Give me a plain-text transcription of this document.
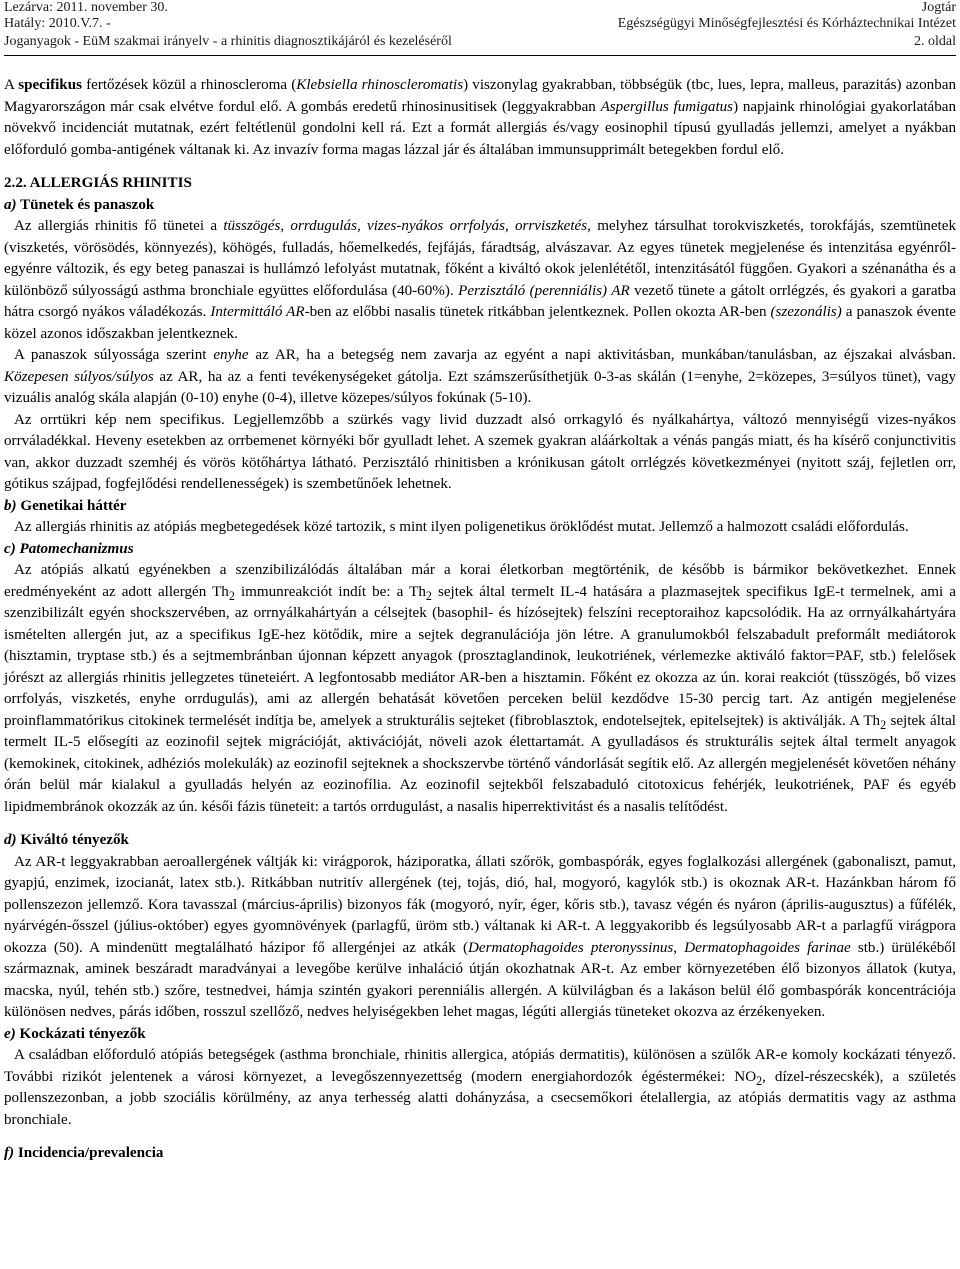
Lezárva: 2011. november 30.	Jogtár
Hatály: 2010.V.7. -	Egészségügyi Minőségfejlesztési és Kórháztechnikai Intézet
Joganyagok - EüM szakmai irányelv - a rhinitis diagnosztikájáról és kezeléséről	2. oldal

A specifikus fertőzések közül a rhinoscleroma (Klebsiella rhinoscleromatis) viszonylag gyakrabban, többségük (tbc, lues, lepra, malleus, parazitás) azonban Magyarországon már csak elvétve fordul elő. A gombás eredetű rhinosinusitisek (leggyakrabban Aspergillus fumigatus) napjaink rhinológiai gyakorlatában növekvő incidenciát mutatnak, ezért feltétlenül gondolni kell rá. Ezt a formát allergiás és/vagy eosinophil típusú gyulladás jellemzi, amelyet a nyákban előforduló gomba-antigének váltanak ki. Az invazív forma magas lázzal jár és általában immunsupprimált betegekben fordul elő.

2.2. ALLERGIÁS RHINITIS

a) Tünetek és panaszok

Az allergiás rhinitis fő tünetei a tüsszögés, orrdugulás, vizes-nyákos orrfolyás, orrviszketés, melyhez társulhat torokviszketés, torokfájás, szemtünetek (viszketés, vörösödés, könnyezés), köhögés, fulladás, hőemelkedés, fejfájás, fáradtság, alvászavar. Az egyes tünetek megjelenése és intenzitása egyénről-egyénre változik, és egy beteg panaszai is hullámzó lefolyást mutatnak, főként a kiváltó okok jelenlététől, intenzitásától függően. Gyakori a szénanátha és a különböző súlyosságú asthma bronchiale együttes előfordulása (40-60%). Perzisztáló (perenniális) AR vezető tünete a gátolt orrlégzés, és gyakori a garatba hátra csorgó nyákos váladékozás. Intermittáló AR-ben az előbbi nasalis tünetek ritkábban jelentkeznek. Pollen okozta AR-ben (szezonális) a panaszok évente közel azonos időszakban jelentkeznek.

A panaszok súlyossága szerint enyhe az AR, ha a betegség nem zavarja az egyént a napi aktivitásban, munkában/tanulásban, az éjszakai alvásban. Közepesen súlyos/súlyos az AR, ha az a fenti tevékenységeket gátolja. Ezt számszerűsíthetjük 0-3-as skálán (1=enyhe, 2=közepes, 3=súlyos tünet), vagy vizuális analóg skála alapján (0-10) enyhe (0-4), illetve közepes/súlyos fokúnak (5-10).

Az orrtükri kép nem specifikus. Legjellemzőbb a szürkés vagy livid duzzadt alsó orrkagyló és nyálkahártya, változó mennyiségű vizes-nyákos orrváladékkal. Heveny esetekben az orrbemenet környéki bőr gyulladt lehet. A szemek gyakran aláárkoltak a vénás pangás miatt, és ha kísérő conjunctivitis van, akkor duzzadt szemhéj és vörös kötőhártya látható. Perzisztáló rhinitisben a krónikusan gátolt orrlégzés következményei (nyitott száj, fejletlen orr, gótikus szájpad, fogfejlődési rendellenességek) is szembetűnőek lehetnek.

b) Genetikai háttér

Az allergiás rhinitis az atópiás megbetegedések közé tartozik, s mint ilyen poligenetikus öröklődést mutat. Jellemző a halmozott családi előfordulás.

c) Patomechanizmus

Az atópiás alkatú egyénekben a szenzibilizálódás általában már a korai életkorban megtörténik, de később is bármikor bekövetkezhet. Ennek eredményeként az adott allergén $Th_2$ immunreakciót indít be: a $Th_2$ sejtek által termelt IL-4 hatására a plazmasejtek specifikus IgE-t termelnek, ami a szenzibilizált egyén shockszervében, az orrnyálkahártyán a célsejtek (basophil- és hízósejtek) felszíni receptoraihoz kapcsolódik. Ha az orrnyálkahártyára ismételten allergén jut, az a specifikus IgE-hez kötődik, mire a sejtek degranulációja jön létre. A granulumokból felszabadult preformált mediátorok (hisztamin, tryptase stb.) és a sejtmembránban újonnan képzett anyagok (prosztaglandinok, leukotriének, vérlemezke aktiváló faktor=PAF, stb.) felelősek jórészt az allergiás rhinitis jellegzetes tüneteiért. A legfontosabb mediátor AR-ben a hisztamin. Főként ez okozza az ún. korai reakciót (tüsszögés, bő vizes orrfolyás, viszketés, enyhe orrdugulás), ami az allergén behatását követően perceken belül kezdődve 15-30 percig tart. Az antigén megjelenése proinflammatórikus citokinek termelését indítja be, amelyek a strukturális sejteket (fibroblasztok, endotelsejtek, epitelsejtek) is aktiválják. A $Th_2$ sejtek által termelt IL-5 elősegíti az eozinofil sejtek migrációját, aktivációját, növeli azok élettartamát. A gyulladásos és strukturális sejtek által termelt anyagok (kemokinek, citokinek, adhéziós molekulák) az eozinofil sejteknek a shockszervbe történő vándorlását segítik elő. Az allergén megjelenését követően néhány órán belül már kialakul a gyulladás helyén az eozinofília. Az eozinofil sejtekből felszabaduló citotoxicus fehérjék, leukotriének, PAF és egyéb lipidmembránok okozzák az ún. késői fázis tüneteit: a tartós orrdugulást, a nasalis hiperrektivitást és a nasalis telítődést.

d) Kiváltó tényezők

Az AR-t leggyakrabban aeroallergének váltják ki: virágporok, háziporatka, állati szőrök, gombaspórák, egyes foglalkozási allergének (gabonaliszt, pamut, gyapjú, enzimek, izocianát, latex stb.). Ritkábban nutritív allergének (tej, tojás, dió, hal, mogyoró, kagylók stb.) is okoznak AR-t. Hazánkban három fő pollenszezon jellemző. Kora tavasszal (március-április) bizonyos fák (mogyoró, nyír, éger, kőris stb.), tavasz végén és nyáron (április-augusztus) a fűfélék, nyárvégén-ősszel (július-október) egyes gyomnövények (parlagfű, üröm stb.) váltanak ki AR-t. A leggyakoribb és legsúlyosabb AR-t a parlagfű virágpora okozza (50). A mindenütt megtalálható házipor fő allergénjei az atkák (Dermatophagoides pteronyssinus, Dermatophagoides farinae stb.) ürülékéből származnak, aminek beszáradt maradványai a levegőbe kerülve inhaláció útján okozhatnak AR-t. Az ember környezetében élő bizonyos állatok (kutya, macska, nyúl, tehén stb.) szőre, testnedvei, hámja szintén gyakori perenniális allergén. A külvilágban és a lakáson belül élő gombaspórák koncentrációja különösen nedves, párás időben, rosszul szellőző, nedves helyiségekben lehet magas, légúti allergiás tüneteket okozva az érzékenyeken.

e) Kockázati tényezők

A családban előforduló atópiás betegségek (asthma bronchiale, rhinitis allergica, atópiás dermatitis), különösen a szülők AR-e komoly kockázati tényező. További rizikót jelentenek a városi környezet, a levegőszennyezettség (modern energiahordozók égéstermékei: $NO_2$, dízel-részecskék), a születés pollenszezonban, a jobb szociális körülmény, az anya terhesség alatti dohányzása, a csecsemőkori ételallergia, az atópiás dermatitis vagy az asthma bronchiale.

f) Incidencia/prevalencia
